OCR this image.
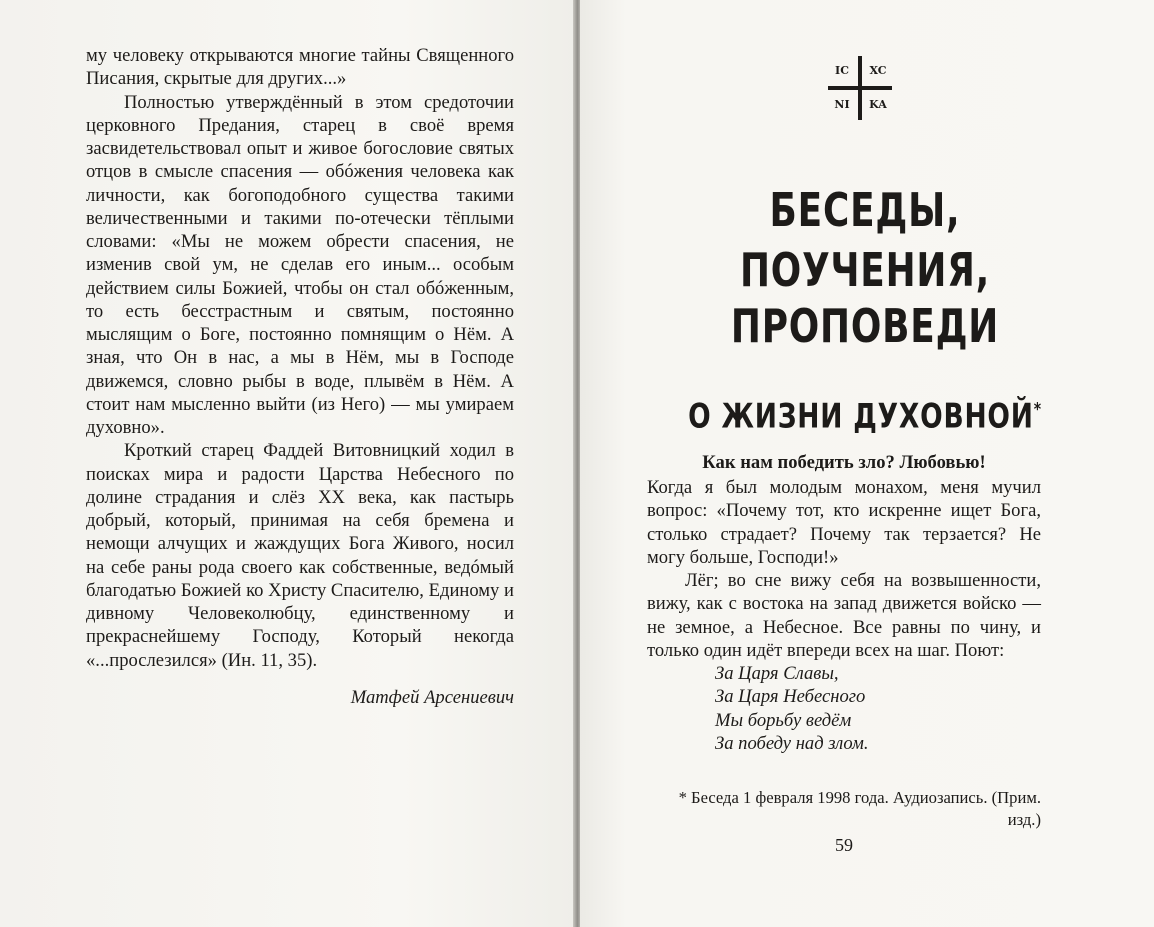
му человеку открываются многие тайны Священного Писания, скрытые для других...»

Полностью утверждённый в этом средоточии церковного Предания, старец в своё время засвидетельствовал опыт и живое богословие святых отцов в смысле спасения — обóжения человека как личности, как богоподобного существа такими величественными и такими по-отечески тёплыми словами: «Мы не можем обрести спасения, не изменив свой ум, не сделав его иным... особым действием силы Божией, чтобы он стал обóженным, то есть бесстрастным и святым, постоянно мыслящим о Боге, постоянно помнящим о Нём. А зная, что Он в нас, а мы в Нём, мы в Господе движемся, словно рыбы в воде, плывём в Нём. А стоит нам мысленно выйти (из Него) — мы умираем духовно».

Кроткий старец Фаддей Витовницкий ходил в поисках мира и радости Царства Небесного по долине страдания и слёз XX века, как пастырь добрый, который, принимая на себя бремена и немощи алчущих и жаждущих Бога Живого, носил на себе раны рода своего как собственные, ведóмый благодатью Божией ко Христу Спасителю, Единому и дивному Человеколюбцу, единственному и прекраснейшему Господу, Который некогда «...прослезился» (Ин. 11, 35).

Матфей Арсениевич

IC	XC
NI	KA
БЕСЕДЫ,
ПОУЧЕНИЯ, ПРОПОВЕДИ
О ЖИЗНИ ДУХОВНОЙ*
Как нам победить зло? Любовью!

Когда я был молодым монахом, меня мучил вопрос: «Почему тот, кто искренне ищет Бога, столько страдает? Почему так терзается? Не могу больше, Господи!»

Лёг; во сне вижу себя на возвышенности, вижу, как с востока на запад движется войско — не земное, а Небесное. Все равны по чину, и только один идёт впереди всех на шаг. Поют:

За Царя Славы,
За Царя Небесного
Мы борьбу ведём
За победу над злом.

* Беседа 1 февраля 1998 года. Аудиозапись. (Прим. изд.)
59
